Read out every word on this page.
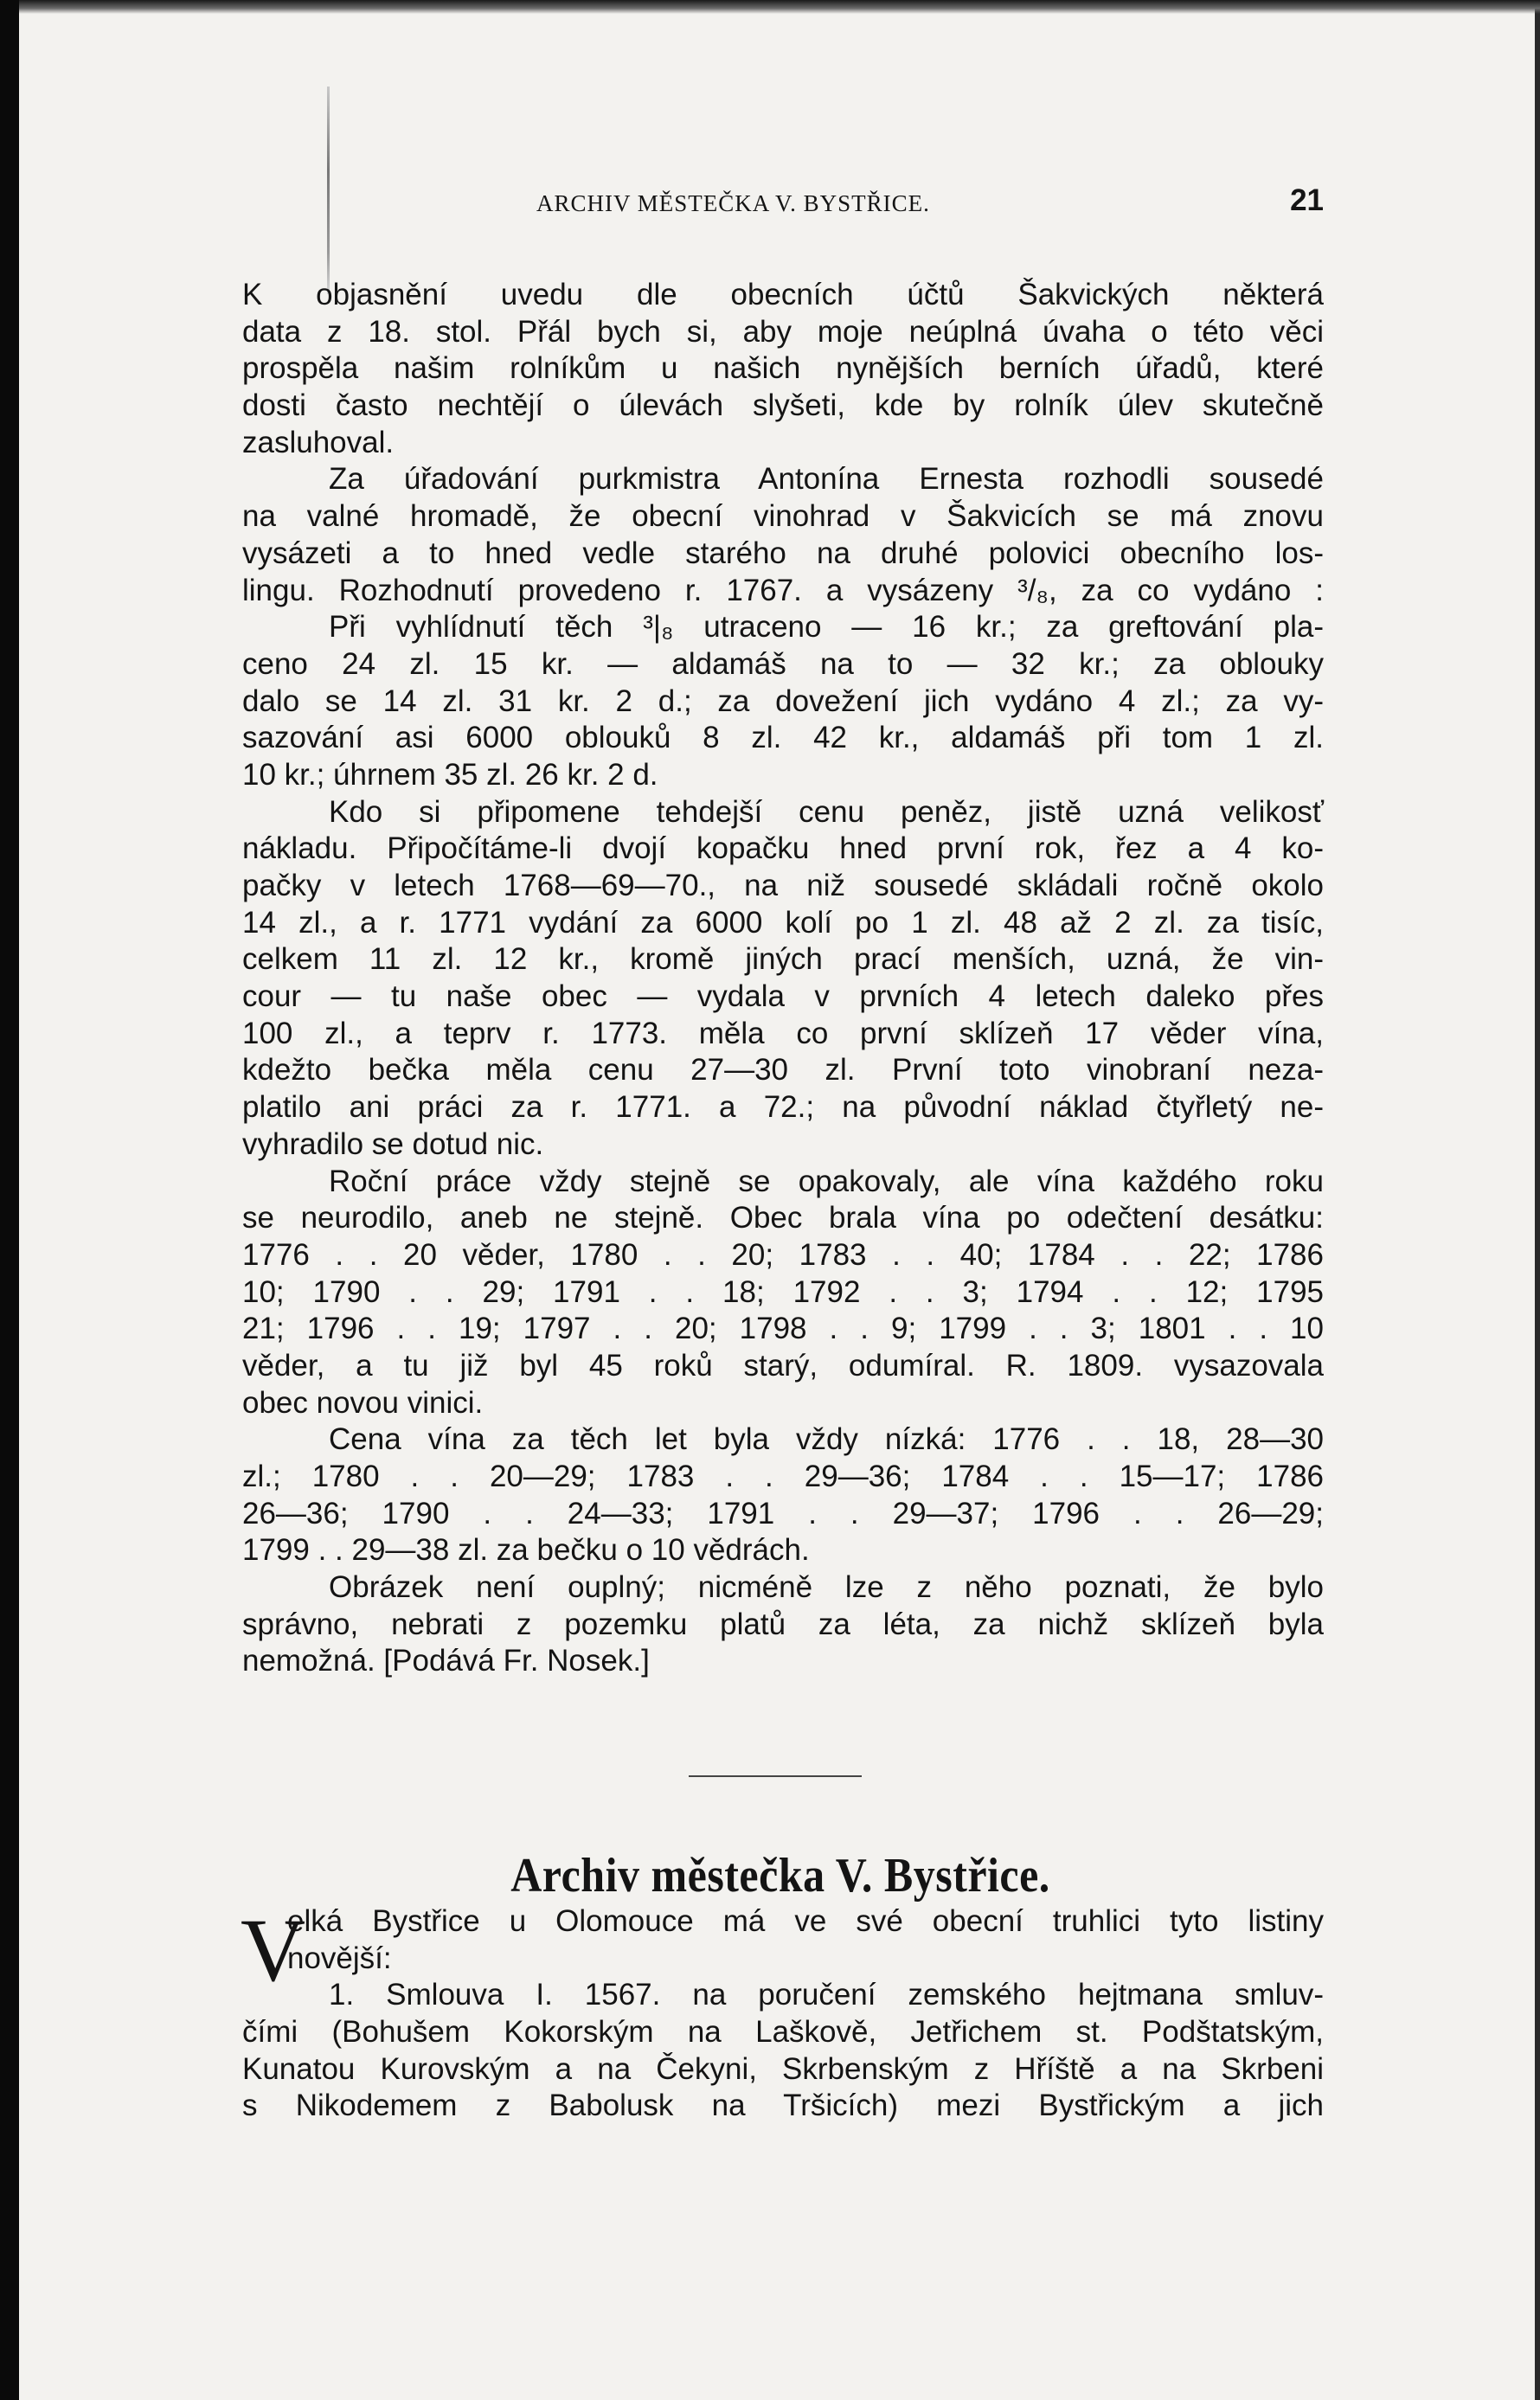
ARCHIV MĚSTEČKA V. BYSTŘICE.	21
K objasnění uvedu dle obecních účtů Šakvických některá
data z 18. stol. Přál bych si, aby moje neúplná úvaha o této věci
prospěla našim rolníkům u našich nynějších berních úřadů, které
dosti často nechtějí o úlevách slyšeti, kde by rolník úlev skutečně
zasluhoval.
Za úřadování purkmistra Antonína Ernesta rozhodli sousedé
na valné hromadě, že obecní vinohrad v Šakvicích se má znovu
vysázeti a to hned vedle starého na druhé polovici obecního los-
lingu. Rozhodnutí provedeno r. 1767. a vysázeny ³/₈, za co vydáno :
Při vyhlídnutí těch ³|₈ utraceno — 16 kr.; za greftování pla-
ceno 24 zl. 15 kr. — aldamáš na to — 32 kr.; za oblouky
dalo se 14 zl. 31 kr. 2 d.; za dovežení jich vydáno 4 zl.; za vy-
sazování asi 6000 oblouků 8 zl. 42 kr., aldamáš při tom 1 zl.
10 kr.; úhrnem 35 zl. 26 kr. 2 d.
Kdo si připomene tehdejší cenu peněz, jistě uzná velikosť
nákladu. Připočítáme-li dvojí kopačku hned první rok, řez a 4 ko-
pačky v letech 1768—69—70., na niž sousedé skládali ročně okolo
14 zl., a r. 1771 vydání za 6000 kolí po 1 zl. 48 až 2 zl. za tisíc,
celkem 11 zl. 12 kr., kromě jiných prací menších, uzná, že vin-
cour — tu naše obec — vydala v prvních 4 letech daleko přes
100 zl., a teprv r. 1773. měla co první sklízeň 17 věder vína,
kdežto bečka měla cenu 27—30 zl. První toto vinobraní neza-
platilo ani práci za r. 1771. a 72.; na původní náklad čtyřletý ne-
vyhradilo se dotud nic.
Roční práce vždy stejně se opakovaly, ale vína každého roku
se neurodilo, aneb ne stejně. Obec brala vína po odečtení desátku:
1776 . . 20 věder, 1780 . . 20; 1783 . . 40; 1784 . . 22; 1786
10; 1790 . . 29; 1791 . . 18; 1792 . . 3; 1794 . . 12; 1795
21; 1796 . . 19; 1797 . . 20; 1798 . . 9; 1799 . . 3; 1801 . . 10
věder, a tu již byl 45 roků starý, odumíral. R. 1809. vysazovala
obec novou vinici.
Cena vína za těch let byla vždy nízká: 1776 . . 18, 28—30
zl.; 1780 . . 20—29; 1783 . . 29—36; 1784 . . 15—17; 1786
26—36; 1790 . . 24—33; 1791 . . 29—37; 1796 . . 26—29;
1799 . . 29—38 zl. za bečku o 10 vědrách.
Obrázek není ouplný; nicméně lze z něho poznati, že bylo
správno, nebrati z pozemku platů za léta, za nichž sklízeň byla
nemožná. [Podává Fr. Nosek.]
Archiv městečka V. Bystřice.
V
elká Bystřice u Olomouce má ve své obecní truhlici tyto listiny
novější:
1. Smlouva I. 1567. na poručení zemského hejtmana smluv-
čími (Bohušem Kokorským na Laškově, Jetřichem st. Podštatským,
Kunatou Kurovským a na Čekyni, Skrbenským z Hříště a na Skrbeni
s Nikodemem z Babolusk na Tršicích) mezi Bystřickým a jich
